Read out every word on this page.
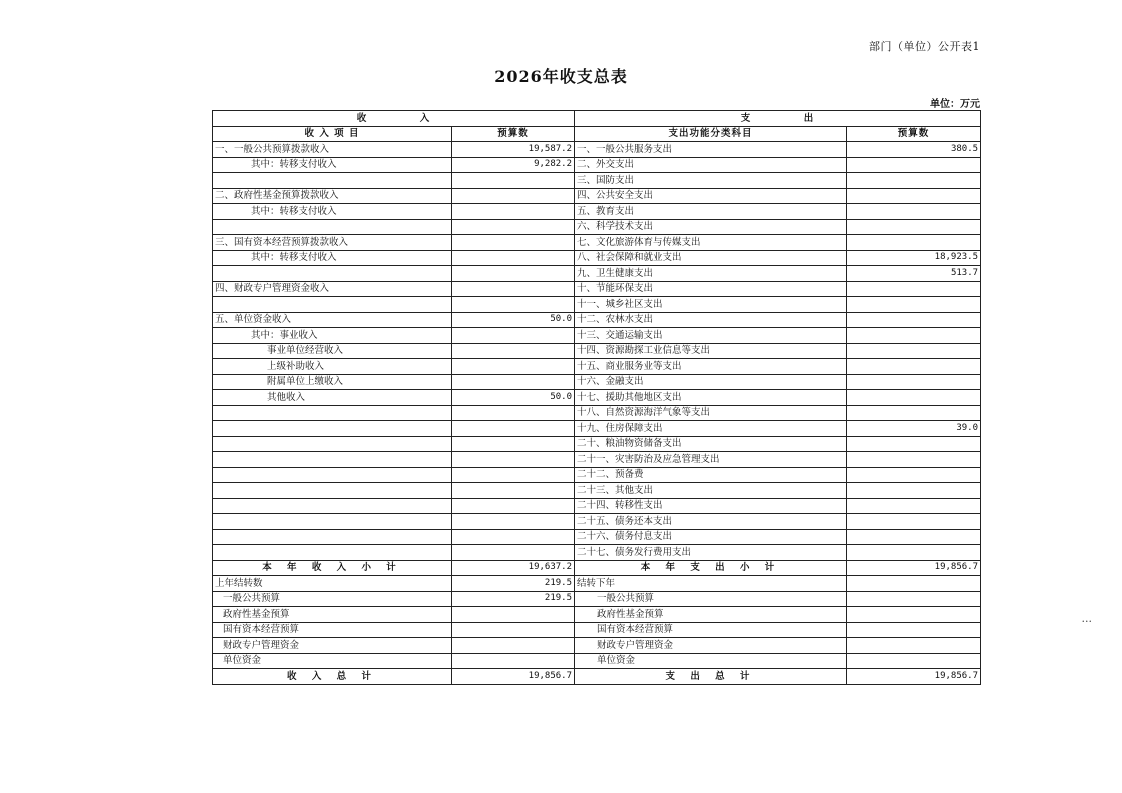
部门（单位）公开表1
2026年收支总表
单位：万元
收　　　　　入		支　　　　　出	
收 入 项 目	预算数	支出功能分类科目	预算数
一、一般公共预算拨款收入	19,587.2	一、一般公共服务支出	380.5
其中：转移支付收入	9,282.2	二、外交支出	
		三、国防支出	
二、政府性基金预算拨款收入		四、公共安全支出	
其中：转移支付收入		五、教育支出	
		六、科学技术支出	
三、国有资本经营预算拨款收入		七、文化旅游体育与传媒支出	
其中：转移支付收入		八、社会保障和就业支出	18,923.5
		九、卫生健康支出	513.7
四、财政专户管理资金收入		十、节能环保支出	
		十一、城乡社区支出	
五、单位资金收入	50.0	十二、农林水支出	
其中：事业收入		十三、交通运输支出	
事业单位经营收入		十四、资源勘探工业信息等支出	
上级补助收入		十五、商业服务业等支出	
附属单位上缴收入		十六、金融支出	
其他收入	50.0	十七、援助其他地区支出	
		十八、自然资源海洋气象等支出	
		十九、住房保障支出	39.0
		二十、粮油物资储备支出	
		二十一、灾害防治及应急管理支出	
		二十二、预备费	
		二十三、其他支出	
		二十四、转移性支出	
		二十五、债务还本支出	
		二十六、债务付息支出	
		二十七、债务发行费用支出	
本 年 收 入 小 计	19,637.2	本 年 支 出 小 计	19,856.7
上年结转数	219.5	结转下年	
一般公共预算	219.5	一般公共预算	
政府性基金预算		政府性基金预算	
国有资本经营预算		国有资本经营预算	
财政专户管理资金		财政专户管理资金	
单位资金		单位资金	
收 入 总 计	19,856.7	支 出 总 计	19,856.7
...
